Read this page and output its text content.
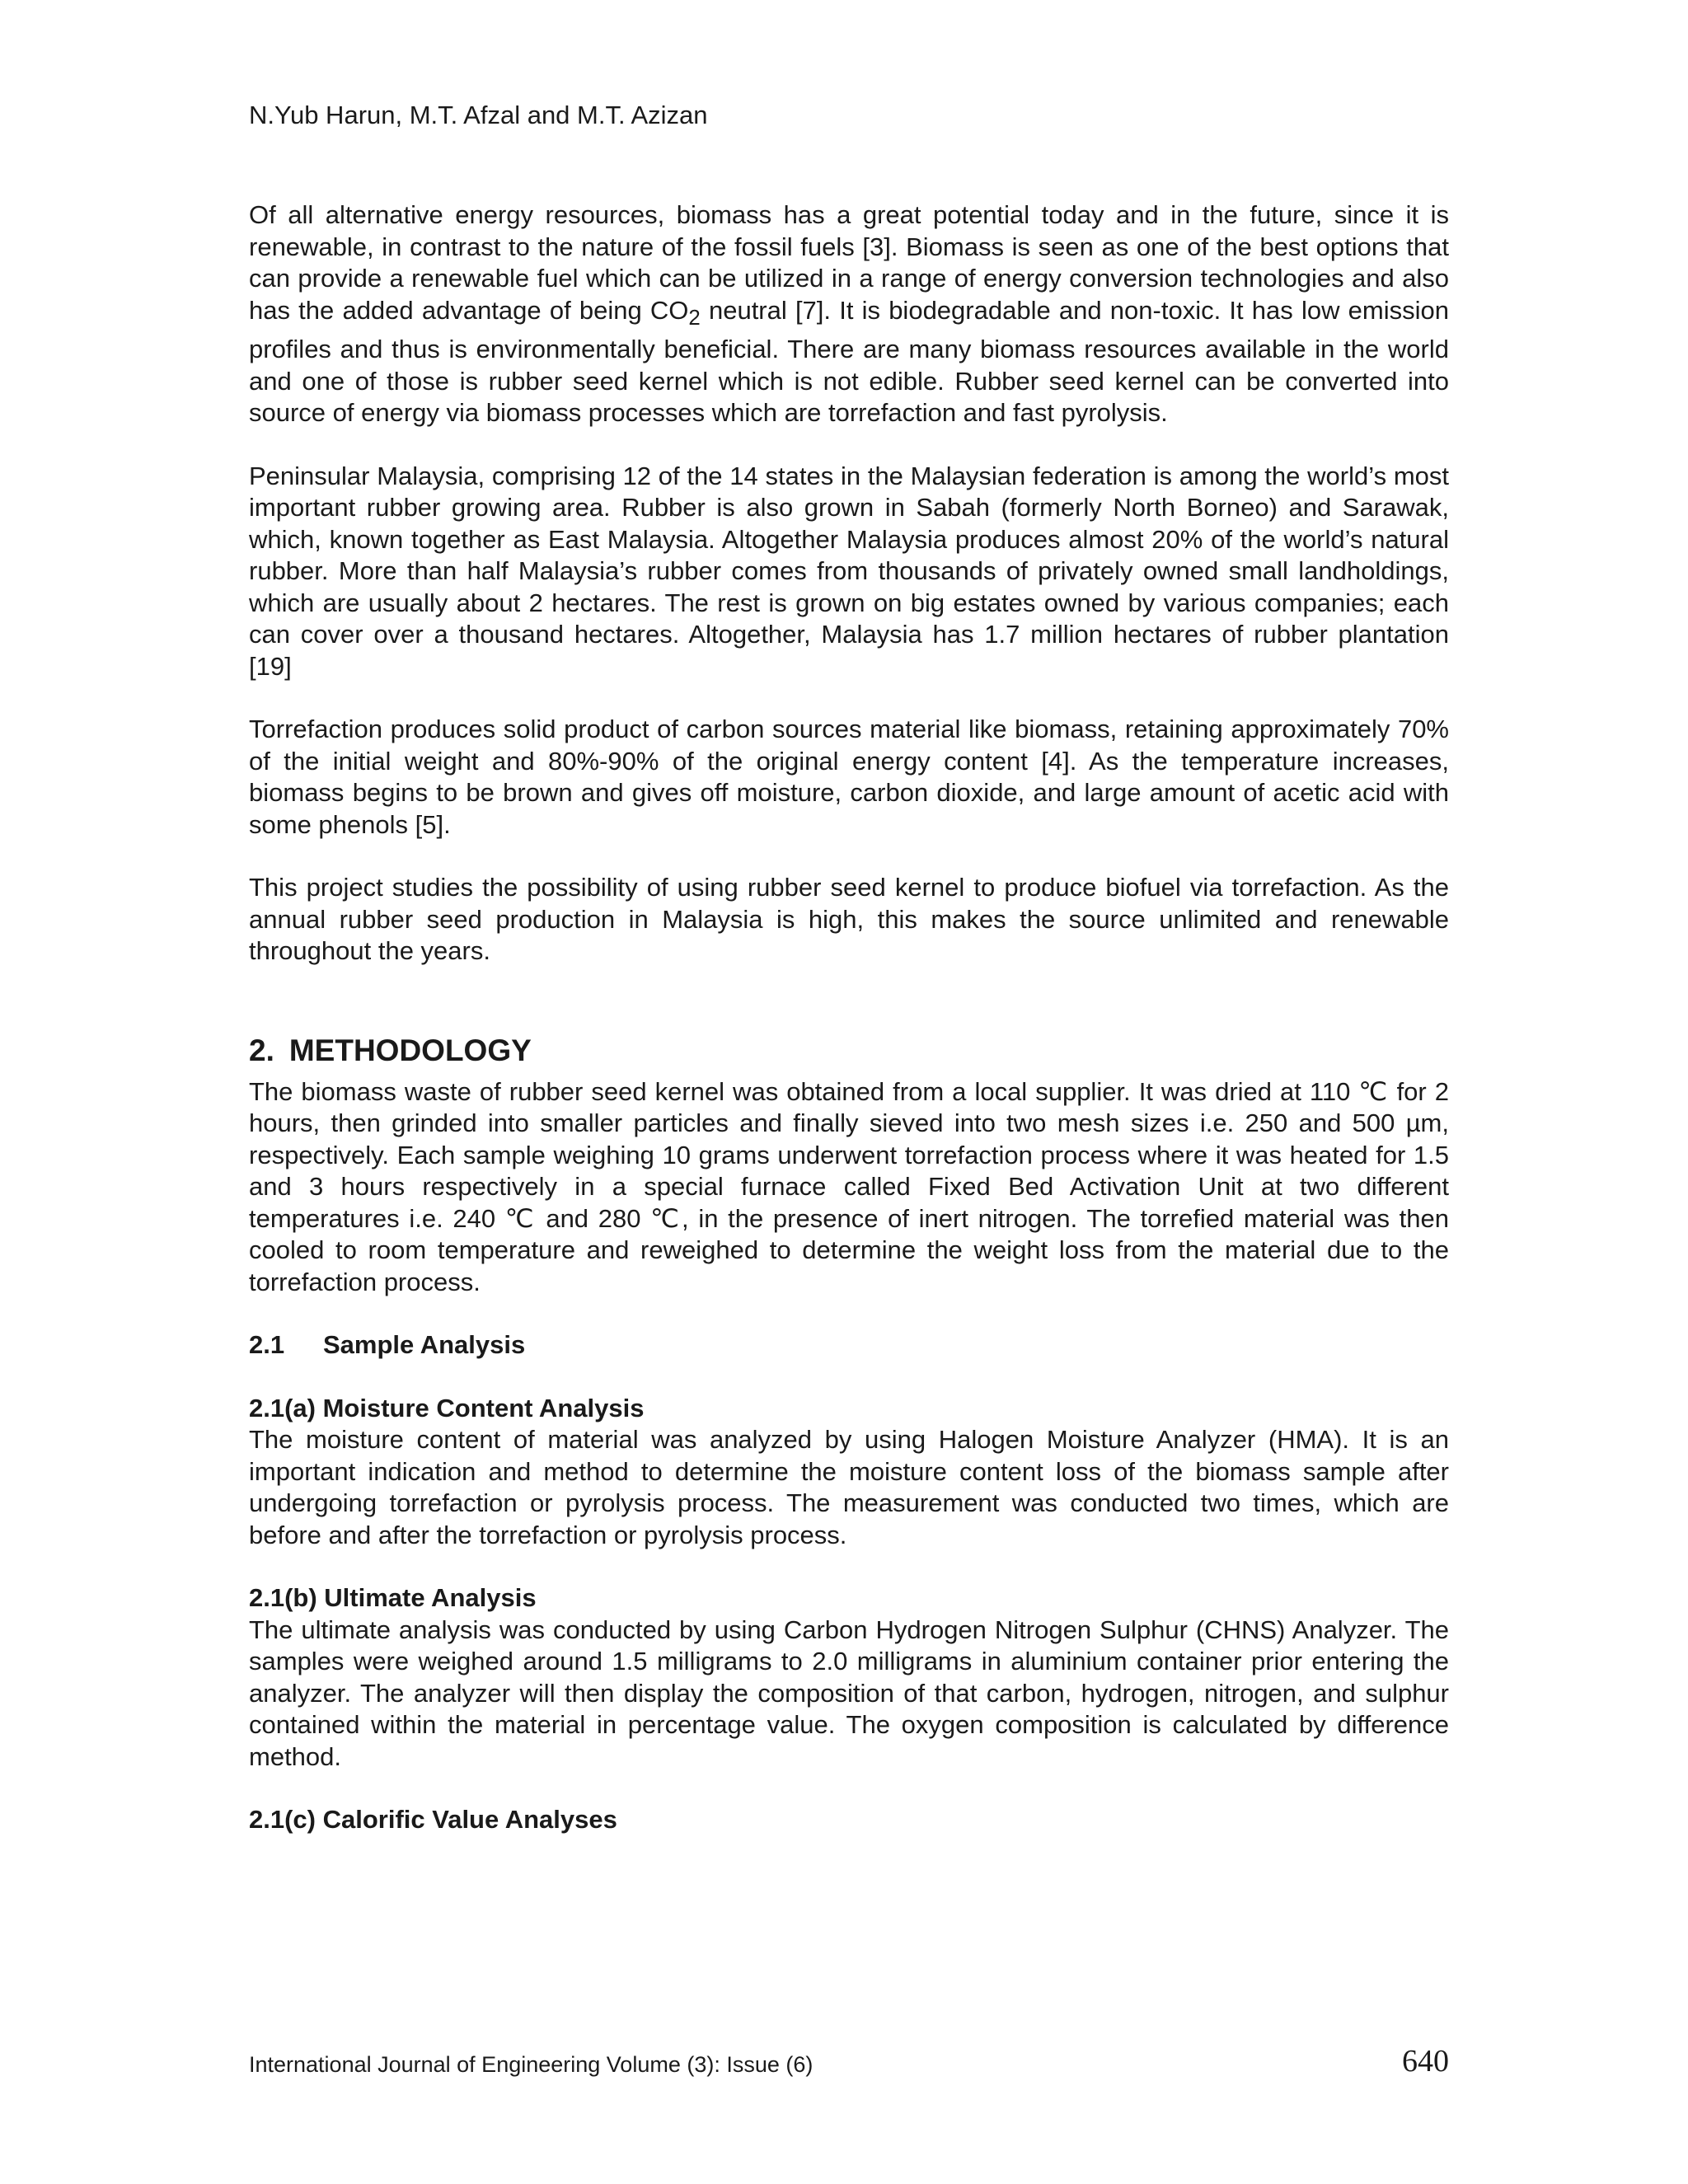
N.Yub Harun, M.T. Afzal and M.T. Azizan

Of all alternative energy resources, biomass has a great potential today and in the future, since it is renewable, in contrast to the nature of the fossil fuels [3]. Biomass is seen as one of the best options that can provide a renewable fuel which can be utilized in a range of energy conversion technologies and also has the added advantage of being $CO_2$ neutral [7]. It is biodegradable and non-toxic. It has low emission profiles and thus is environmentally beneficial. There are many biomass resources available in the world and one of those is rubber seed kernel which is not edible. Rubber seed kernel can be converted into source of energy via biomass processes which are torrefaction and fast pyrolysis.

Peninsular Malaysia, comprising 12 of the 14 states in the Malaysian federation is among the world’s most important rubber growing area. Rubber is also grown in Sabah (formerly North Borneo) and Sarawak, which, known together as East Malaysia. Altogether Malaysia produces almost 20% of the world’s natural rubber. More than half Malaysia’s rubber comes from thousands of privately owned small landholdings, which are usually about 2 hectares. The rest is grown on big estates owned by various companies; each can cover over a thousand hectares. Altogether, Malaysia has 1.7 million hectares of rubber plantation [19]

Torrefaction produces solid product of carbon sources material like biomass, retaining approximately 70% of the initial weight and 80%-90% of the original energy content [4]. As the temperature increases, biomass begins to be brown and gives off moisture, carbon dioxide, and large amount of acetic acid with some phenols [5].

This project studies the possibility of using rubber seed kernel to produce biofuel via torrefaction. As the annual rubber seed production in Malaysia is high, this makes the source unlimited and renewable throughout the years.

2. METHODOLOGY

The biomass waste of rubber seed kernel was obtained from a local supplier. It was dried at 110 ℃ for 2 hours, then grinded into smaller particles and finally sieved into two mesh sizes i.e. 250 and 500 µm, respectively. Each sample weighing 10 grams underwent torrefaction process where it was heated for 1.5 and 3 hours respectively in a special furnace called Fixed Bed Activation Unit at two different temperatures i.e. 240 ℃ and 280 ℃, in the presence of inert nitrogen. The torrefied material was then cooled to room temperature and reweighed to determine the weight loss from the material due to the torrefaction process.

2.1 Sample Analysis
2.1(a) Moisture Content Analysis

The moisture content of material was analyzed by using Halogen Moisture Analyzer (HMA). It is an important indication and method to determine the moisture content loss of the biomass sample after undergoing torrefaction or pyrolysis process. The measurement was conducted two times, which are before and after the torrefaction or pyrolysis process.

2.1(b) Ultimate Analysis

The ultimate analysis was conducted by using Carbon Hydrogen Nitrogen Sulphur (CHNS) Analyzer. The samples were weighed around 1.5 milligrams to 2.0 milligrams in aluminium container prior entering the analyzer. The analyzer will then display the composition of that carbon, hydrogen, nitrogen, and sulphur contained within the material in percentage value. The oxygen composition is calculated by difference method.

2.1(c) Calorific Value Analyses
International Journal of Engineering Volume (3): Issue (6)	640
